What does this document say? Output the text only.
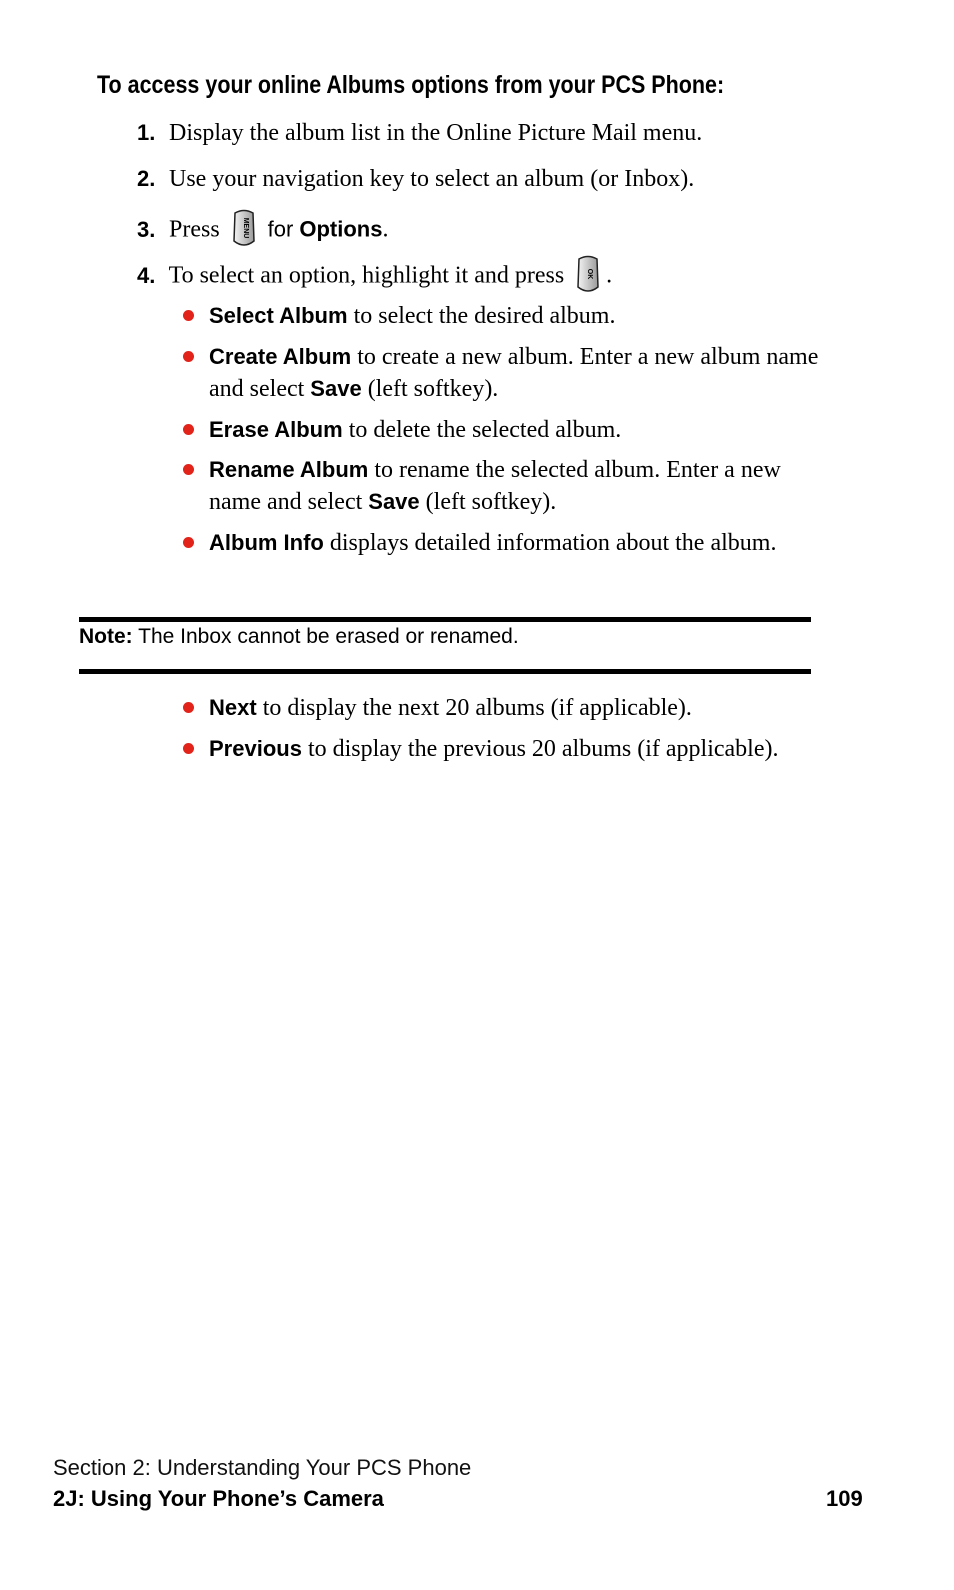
To access your online Albums options from your PCS Phone:
1. Display the album list in the Online Picture Mail menu.
2. Use your navigation key to select an album (or Inbox).
3. Press	MENU for Options.
4. To select an option, highlight it and press	OK .
Select Album to select the desired album.
Create Album to create a new album. Enter a new album name and select Save (left softkey).
Erase Album to delete the selected album.
Rename Album to rename the selected album. Enter a new name and select Save (left softkey).
Album Info displays detailed information about the album.
Note: The Inbox cannot be erased or renamed.
Next to display the next 20 albums (if applicable).
Previous to display the previous 20 albums (if applicable).
Section 2: Understanding Your PCS Phone
2J: Using Your Phone’s Camera	109
